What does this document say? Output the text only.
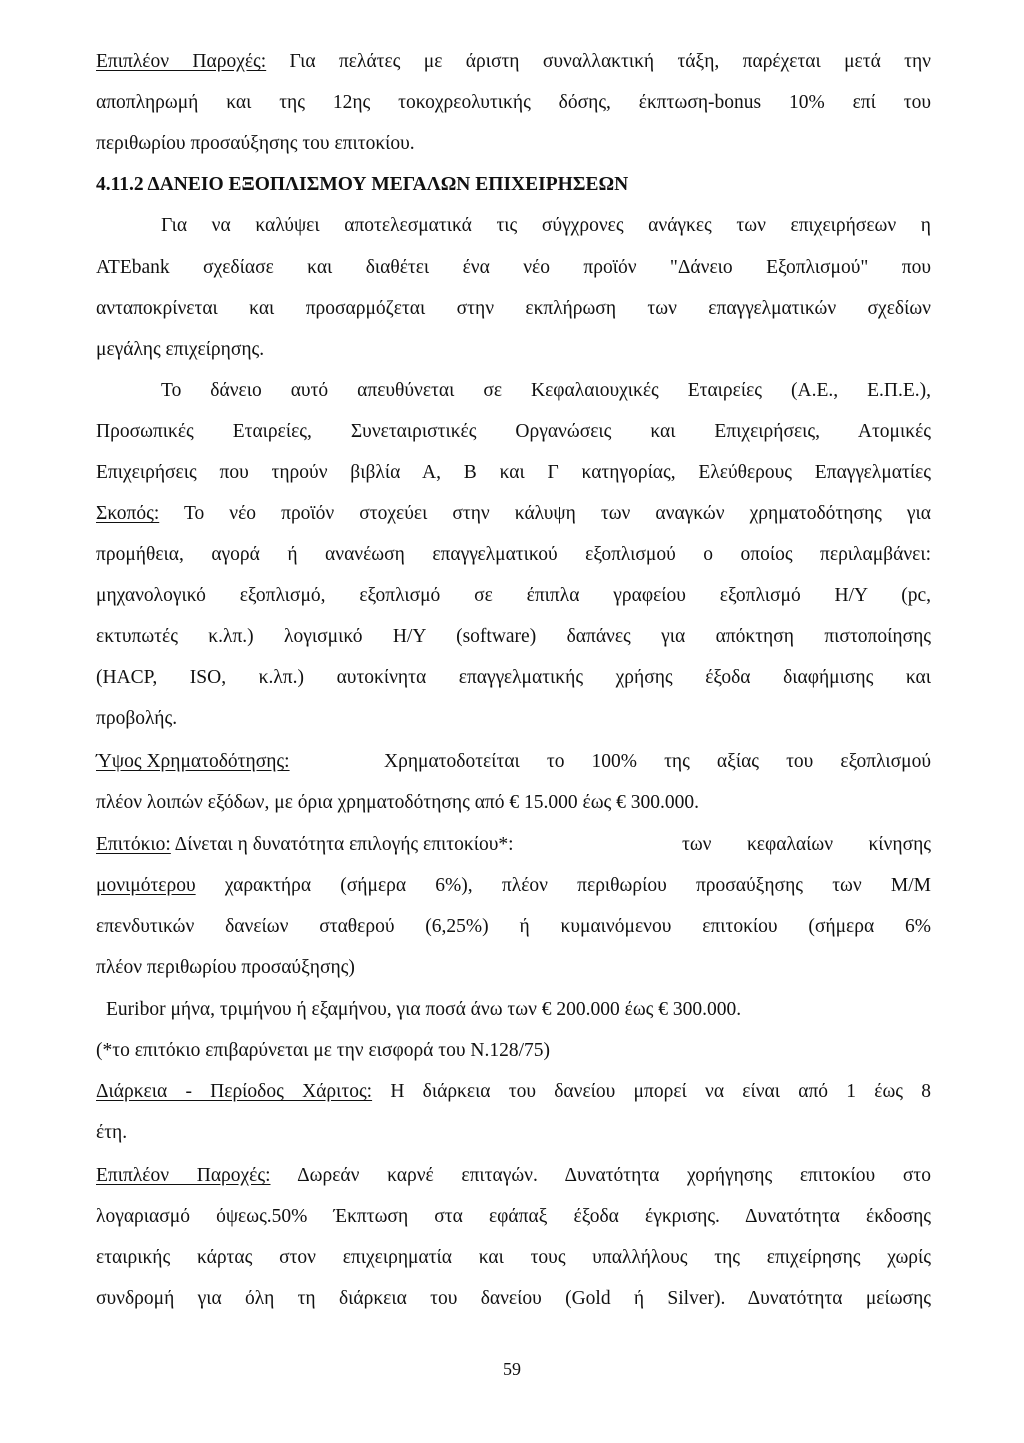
Επιπλέον Παροχές: Για πελάτες με άριστη συναλλακτική τάξη, παρέχεται μετά την
αποπληρωμή και της 12ης τοκοχρεολυτικής δόσης, έκπτωση-bonus 10% επί του
περιθωρίου προσαύξησης του επιτοκίου.
4.11.2 ΔΑΝΕΙΟ ΕΞΟΠΛΙΣΜΟΥ ΜΕΓΑΛΩΝ ΕΠΙΧΕΙΡΗΣΕΩΝ
Για να καλύψει αποτελεσματικά τις σύγχρονες ανάγκες των επιχειρήσεων η
ATEbank σχεδίασε και διαθέτει ένα νέο προϊόν "Δάνειο Εξοπλισμού" που
ανταποκρίνεται και προσαρμόζεται στην εκπλήρωση των επαγγελματικών σχεδίων
μεγάλης επιχείρησης.
Το δάνειο αυτό απευθύνεται σε Κεφαλαιουχικές Εταιρείες (Α.Ε., Ε.Π.Ε.),
Προσωπικές Εταιρείες, Συνεταιριστικές Οργανώσεις και Επιχειρήσεις, Ατομικές
Επιχειρήσεις που τηρούν βιβλία Α, Β και Γ κατηγορίας, Ελεύθερους Επαγγελματίες
Σκοπός: Το νέο προϊόν στοχεύει στην κάλυψη των αναγκών χρηματοδότησης για
προμήθεια, αγορά ή ανανέωση επαγγελματικού εξοπλισμού ο οποίος περιλαμβάνει:
μηχανολογικό εξοπλισμό, εξοπλισμό σε έπιπλα γραφείου εξοπλισμό Η/Υ (pc,
εκτυπωτές κ.λπ.) λογισμικό Η/Υ (software) δαπάνες για απόκτηση πιστοποίησης
(HACP, ISO, κ.λπ.) αυτοκίνητα επαγγελματικής χρήσης έξοδα διαφήμισης και
προβολής.
Ύψος Χρηματοδότησης:	Χρηματοδοτείται το 100% της αξίας του εξοπλισμού
πλέον λοιπών εξόδων, με όρια χρηματοδότησης από € 15.000 έως € 300.000.
Επιτόκιο: Δίνεται η δυνατότητα επιλογής επιτοκίου*:	των κεφαλαίων κίνησης
μονιμότερου χαρακτήρα (σήμερα 6%), πλέον περιθωρίου προσαύξησης των Μ/Μ
επενδυτικών δανείων σταθερού (6,25%) ή κυμαινόμενου επιτοκίου (σήμερα 6%
πλέον περιθωρίου προσαύξησης)
Euribor μήνα, τριμήνου ή εξαμήνου, για ποσά άνω των € 200.000 έως € 300.000.
(*το επιτόκιο επιβαρύνεται με την εισφορά του Ν.128/75)
Διάρκεια - Περίοδος Χάριτος: Η διάρκεια του δανείου μπορεί να είναι από 1 έως 8
έτη.
Επιπλέον Παροχές: Δωρεάν καρνέ επιταγών. Δυνατότητα χορήγησης επιτοκίου στο
λογαριασμό όψεως.50% Έκπτωση στα εφάπαξ έξοδα έγκρισης. Δυνατότητα έκδοσης
εταιρικής κάρτας στον επιχειρηματία και τους υπαλλήλους της επιχείρησης χωρίς
συνδρομή για όλη τη διάρκεια του δανείου (Gold ή Silver). Δυνατότητα μείωσης
59
